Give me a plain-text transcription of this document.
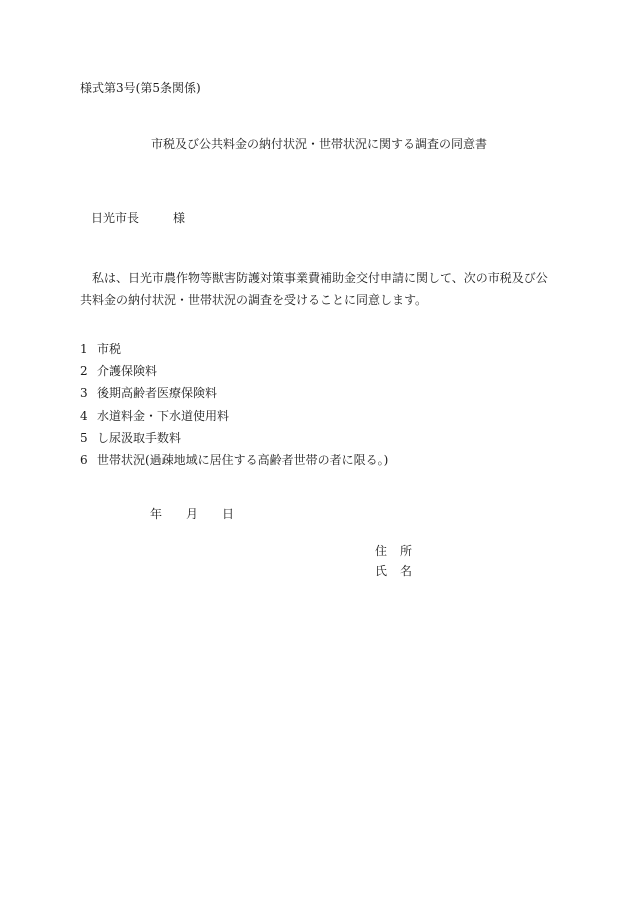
様式第3号(第5条関係)
市税及び公共料金の納付状況・世帯状況に関する調査の同意書
日光市長	様
私は、日光市農作物等獣害防護対策事業費補助金交付申請に関して、次の市税及び公共料金の納付状況・世帯状況の調査を受けることに同意します。
1 市税
2 介護保険料
3 後期高齢者医療保険料
4 水道料金・下水道使用料
5 し尿汲取手数料
6 世帯状況(過疎地域に居住する高齢者世帯の者に限る。)
年 月 日
住所
氏名
